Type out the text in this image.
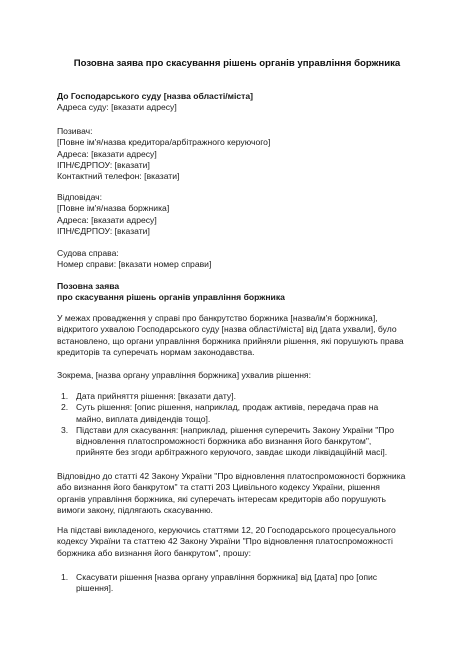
Позовна заява про скасування рішень органів управління боржника
До Господарського суду [назва області/міста]
Адреса суду: [вказати адресу]
Позивач:
[Повне ім'я/назва кредитора/арбітражного керуючого]
Адреса: [вказати адресу]
ІПН/ЄДРПОУ: [вказати]
Контактний телефон: [вказати]
Відповідач:
[Повне ім'я/назва боржника]
Адреса: [вказати адресу]
ІПН/ЄДРПОУ: [вказати]
Судова справа:
Номер справи: [вказати номер справи]
Позовна заява
про скасування рішень органів управління боржника
У межах провадження у справі про банкрутство боржника [назва/ім'я боржника],
відкритого ухвалою Господарського суду [назва області/міста] від [дата ухвали], було
встановлено, що органи управління боржника прийняли рішення, які порушують права
кредиторів та суперечать нормам законодавства.
Зокрема, [назва органу управління боржника] ухвалив рішення:
1. Дата прийняття рішення: [вказати дату].
2. Суть рішення: [опис рішення, наприклад, продаж активів, передача прав на
майно, виплата дивідендів тощо].
3. Підстави для скасування: [наприклад, рішення суперечить Закону України "Про
відновлення платоспроможності боржника або визнання його банкрутом",
прийняте без згоди арбітражного керуючого, завдає шкоди ліквідаційній масі].
Відповідно до статті 42 Закону України "Про відновлення платоспроможності боржника
або визнання його банкрутом" та статті 203 Цивільного кодексу України, рішення
органів управління боржника, які суперечать інтересам кредиторів або порушують
вимоги закону, підлягають скасуванню.
На підставі викладеного, керуючись статтями 12, 20 Господарського процесуального
кодексу України та статтею 42 Закону України "Про відновлення платоспроможності
боржника або визнання його банкрутом", прошу:
1. Скасувати рішення [назва органу управління боржника] від [дата] про [опис
рішення].
